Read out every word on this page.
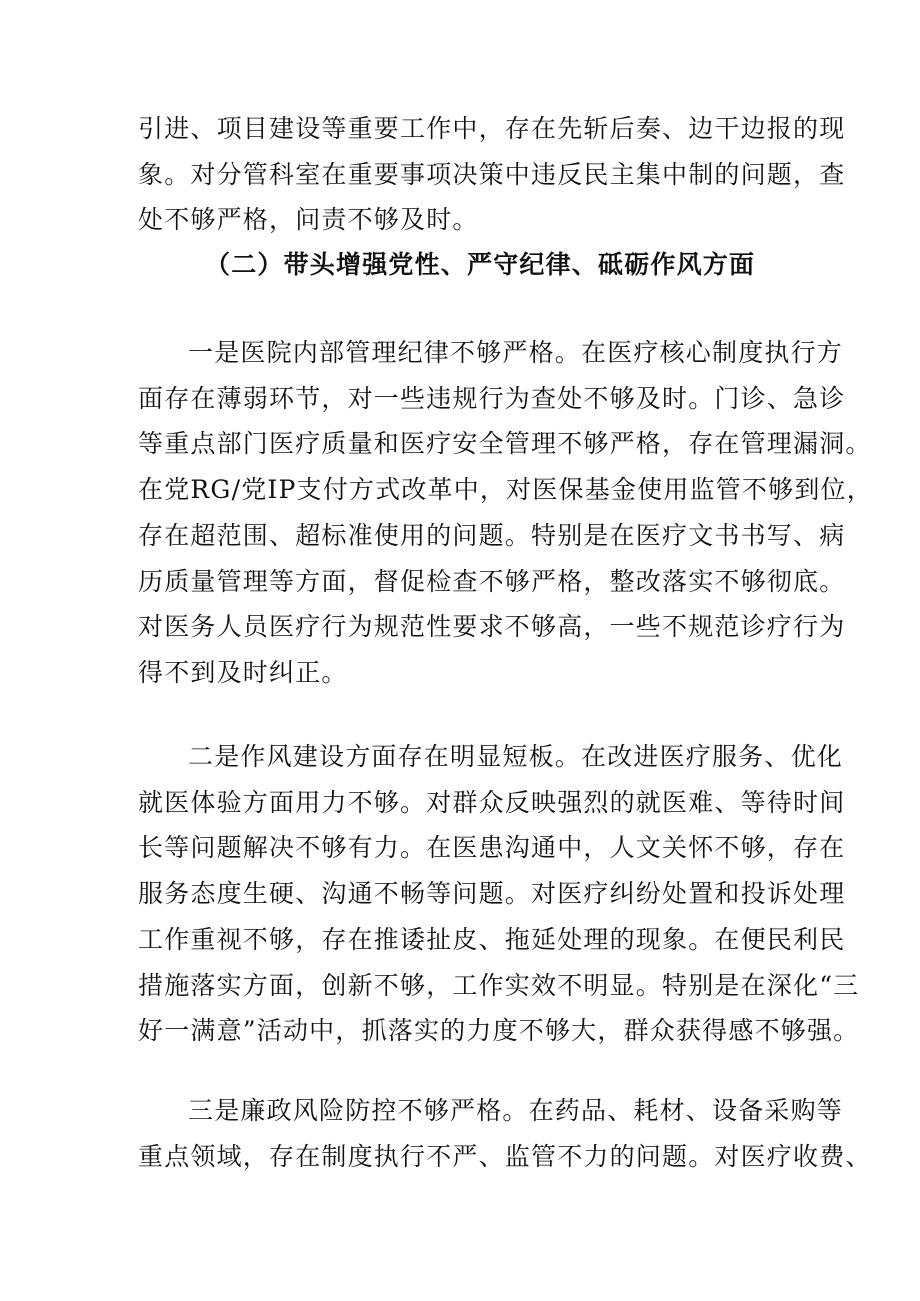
引进、项目建设等重要工作中，存在先斩后奏、边干边报的现
象。对分管科室在重要事项决策中违反民主集中制的问题，查
处不够严格，问责不够及时。

（二）带头增强党性、严守纪律、砥砺作风方面

一是医院内部管理纪律不够严格。在医疗核心制度执行方
面存在薄弱环节，对一些违规行为查处不够及时。门诊、急诊
等重点部门医疗质量和医疗安全管理不够严格，存在管理漏洞。
在党RG/党IP支付方式改革中，对医保基金使用监管不够到位，
存在超范围、超标准使用的问题。特别是在医疗文书书写、病
历质量管理等方面，督促检查不够严格，整改落实不够彻底。
对医务人员医疗行为规范性要求不够高，一些不规范诊疗行为
得不到及时纠正。

二是作风建设方面存在明显短板。在改进医疗服务、优化
就医体验方面用力不够。对群众反映强烈的就医难、等待时间
长等问题解决不够有力。在医患沟通中，人文关怀不够，存在
服务态度生硬、沟通不畅等问题。对医疗纠纷处置和投诉处理
工作重视不够，存在推诿扯皮、拖延处理的现象。在便民利民
措施落实方面，创新不够，工作实效不明显。特别是在深化“三
好一满意”活动中，抓落实的力度不够大，群众获得感不够强。

三是廉政风险防控不够严格。在药品、耗材、设备采购等
重点领域，存在制度执行不严、监管不力的问题。对医疗收费、
